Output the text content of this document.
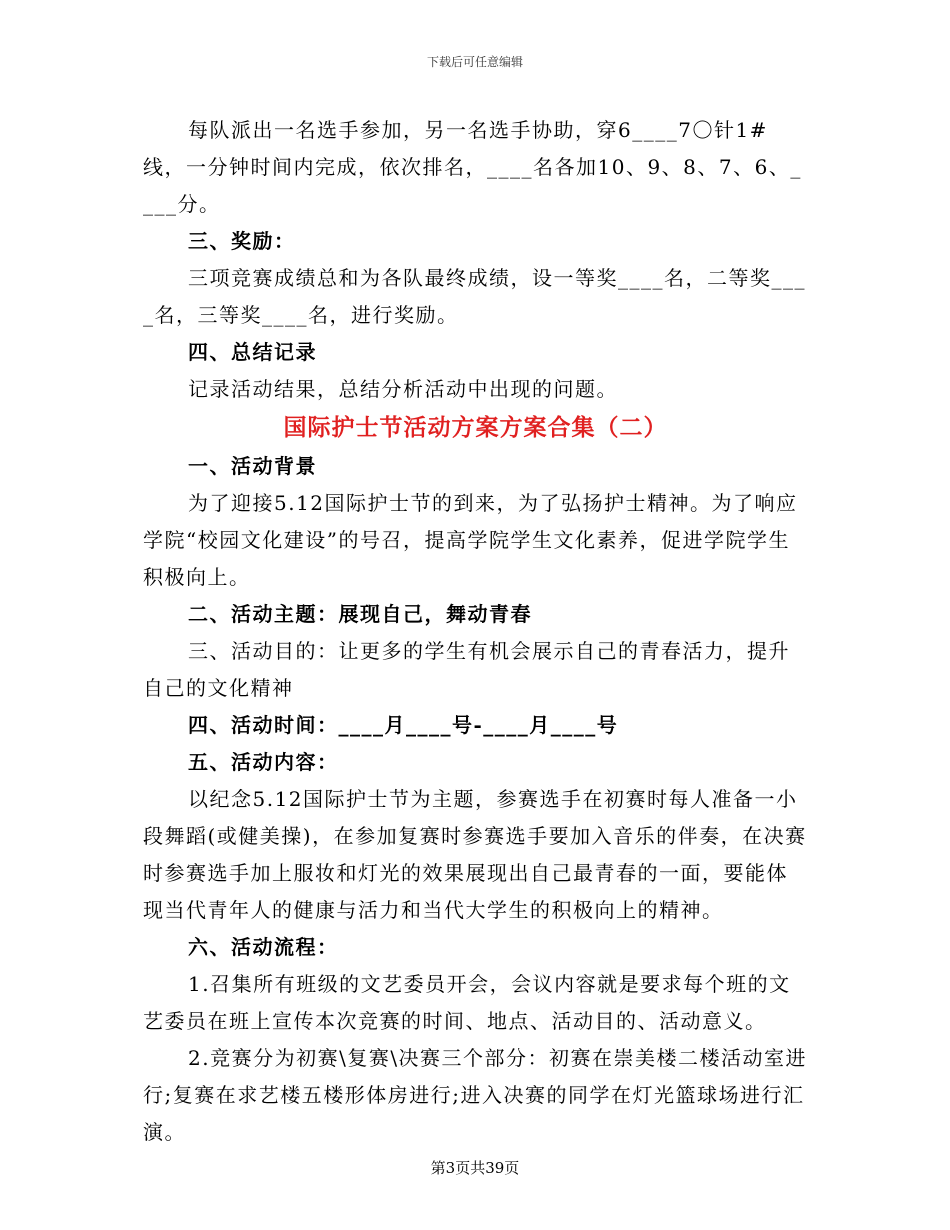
下载后可任意编辑

每队派出一名选手参加，另一名选手协助，穿6____7〇针1#线，一分钟时间内完成，依次排名，____名各加10、9、8、7、6、____分。

三、奖励：

三项竞赛成绩总和为各队最终成绩，设一等奖____名，二等奖____名，三等奖____名，进行奖励。

四、总结记录

记录活动结果，总结分析活动中出现的问题。

国际护士节活动方案方案合集（二）

一、活动背景

为了迎接5.12国际护士节的到来，为了弘扬护士精神。为了响应学院“校园文化建设”的号召，提高学院学生文化素养，促进学院学生积极向上。

二、活动主题：展现自己，舞动青春

三、活动目的：让更多的学生有机会展示自己的青春活力，提升自己的文化精神

四、活动时间：____月____号-____月____号

五、活动内容：

以纪念5.12国际护士节为主题，参赛选手在初赛时每人准备一小段舞蹈(或健美操)，在参加复赛时参赛选手要加入音乐的伴奏，在决赛时参赛选手加上服妆和灯光的效果展现出自己最青春的一面，要能体现当代青年人的健康与活力和当代大学生的积极向上的精神。

六、活动流程：

1.召集所有班级的文艺委员开会，会议内容就是要求每个班的文艺委员在班上宣传本次竞赛的时间、地点、活动目的、活动意义。

2.竞赛分为初赛\复赛\决赛三个部分：初赛在崇美楼二楼活动室进行;复赛在求艺楼五楼形体房进行;进入决赛的同学在灯光篮球场进行汇演。

第3页共39页
